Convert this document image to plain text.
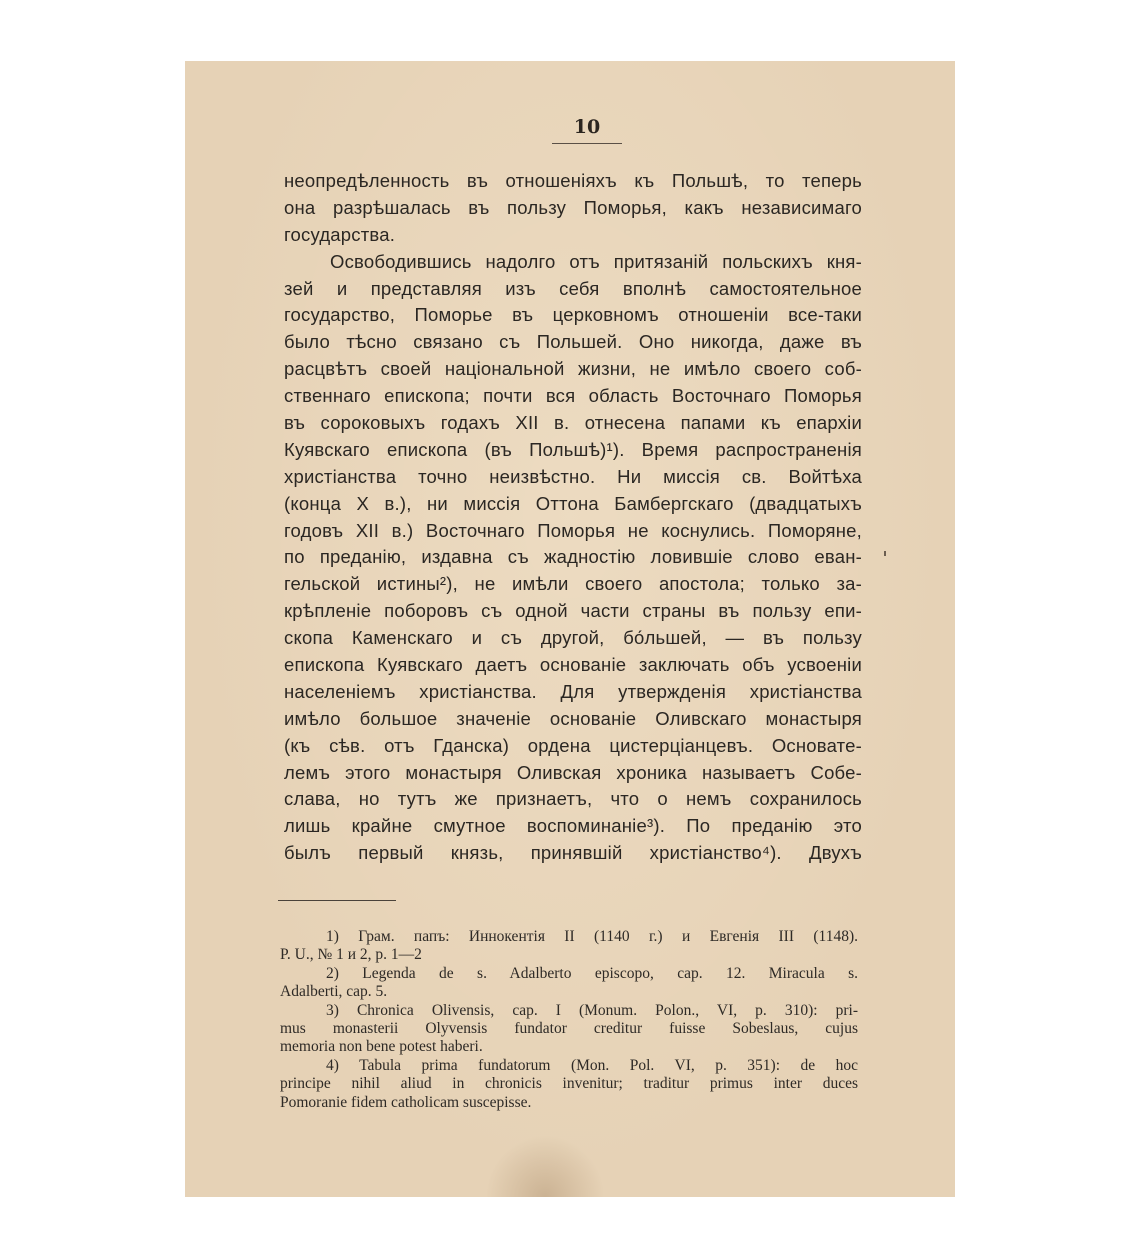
10
неопредѣленность въ отношеніяхъ къ Польшѣ, то теперь
она разрѣшалась въ пользу Поморья, какъ независимаго
государства.
Освободившись надолго отъ притязаній польскихъ кня-
зей и представляя изъ себя вполнѣ самостоятельное
государство, Поморье въ церковномъ отношеніи все-таки
было тѣсно связано съ Польшей. Оно никогда, даже въ
расцвѣтъ своей національной жизни, не имѣло своего соб-
ственнаго епископа; почти вся область Восточнаго Поморья
въ сороковыхъ годахъ XII в. отнесена папами къ епархіи
Куявскаго епископа (въ Польшѣ)¹). Время распространенія
христіанства точно неизвѣстно. Ни миссія св. Войтѣха
(конца X в.), ни миссія Оттона Бамбергскаго (двадцатыхъ
годовъ XII в.) Восточнаго Поморья не коснулись. Поморяне,
по преданію, издавна съ жадностію ловившіе слово еван-
гельской истины²), не имѣли своего апостола; только за-
крѣпленіе поборовъ съ одной части страны въ пользу епи-
скопа Каменскаго и съ другой, бо́льшей, — въ пользу
епископа Куявскаго даетъ основаніе заключать объ усвоеніи
населеніемъ христіанства. Для утвержденія христіанства
имѣло большое значеніе основаніе Оливскаго монастыря
(къ сѣв. отъ Гданска) ордена цистерціанцевъ. Основате-
лемъ этого монастыря Оливская хроника называетъ Собе-
слава, но тутъ же признаетъ, что о немъ сохранилось
лишь крайне смутное воспоминаніе³). По преданію это
былъ первый князь, принявшій христіанство⁴). Двухъ
1) Грам. папъ: Иннокентія II (1140 г.) и Евгенія III (1148).
P. U., № 1 и 2, p. 1—2
2) Legenda de s. Adalberto episcopo, cap. 12. Miracula s.
Adalberti, cap. 5.
3) Chronica Olivensis, cap. I (Monum. Polon., VI, p. 310): pri-
mus monasterii Olyvensis fundator creditur fuisse Sobeslaus, cujus
memoria non bene potest haberi.
4) Tabula prima fundatorum (Mon. Pol. VI, p. 351): de hoc
principe nihil aliud in chronicis invenitur; traditur primus inter duces
Pomoranie fidem catholicam suscepisse.
